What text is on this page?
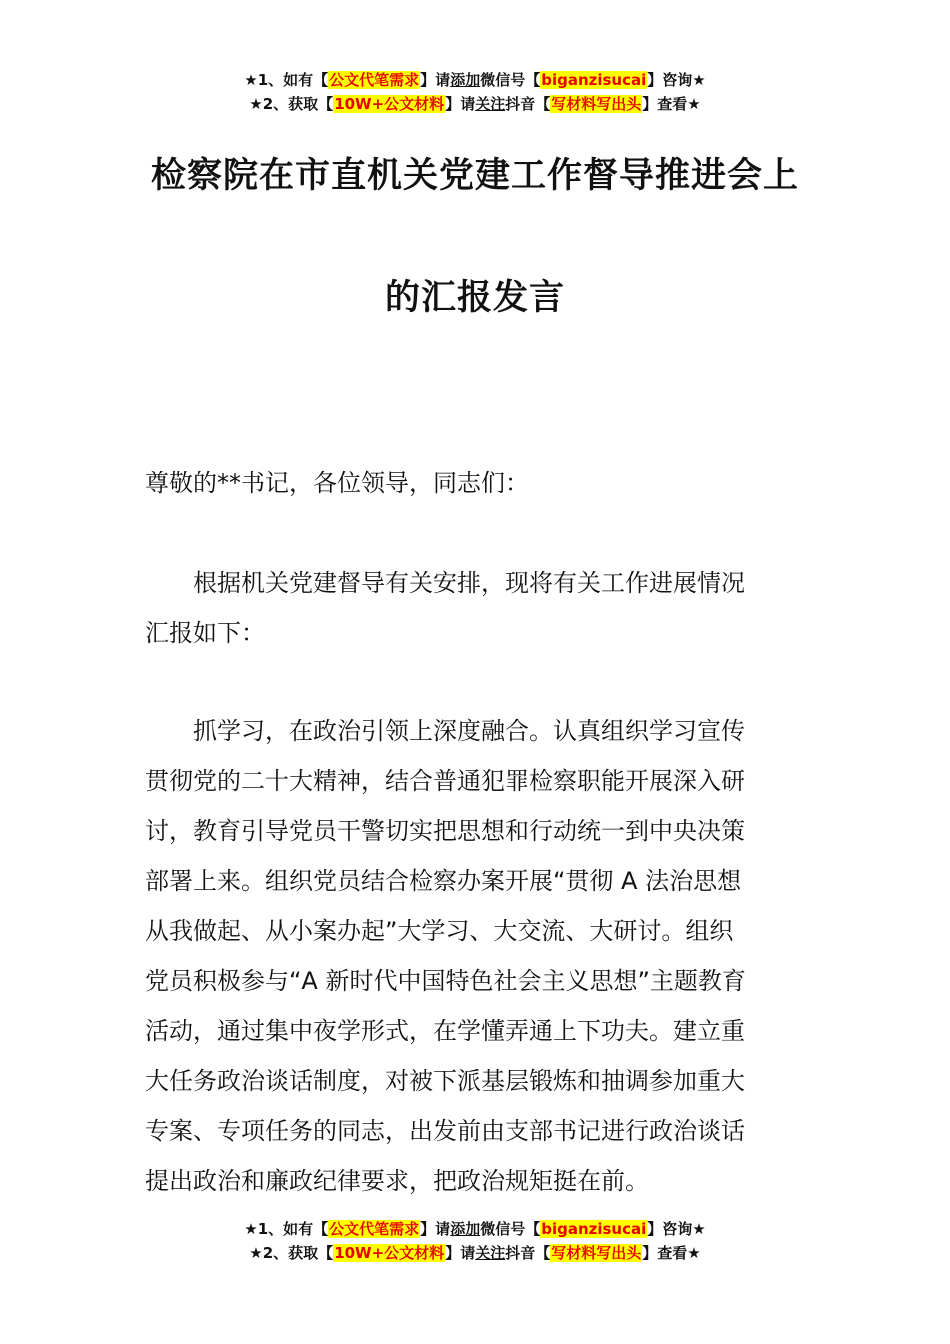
★1、如有【公文代笔需求】请添加微信号【biganzisucai】咨询★
★2、获取【10W+公文材料】请关注抖音【写材料写出头】查看★
检察院在市直机关党建工作督导推进会上
的汇报发言
尊敬的**书记，各位领导，同志们：
根据机关党建督导有关安排，现将有关工作进展情况
汇报如下：
抓学习，在政治引领上深度融合。认真组织学习宣传
贯彻党的二十大精神，结合普通犯罪检察职能开展深入研
讨，教育引导党员干警切实把思想和行动统一到中央决策
部署上来。组织党员结合检察办案开展“贯彻 A 法治思想
从我做起、从小案办起”大学习、大交流、大研讨。组织
党员积极参与“A 新时代中国特色社会主义思想”主题教育
活动，通过集中夜学形式，在学懂弄通上下功夫。建立重
大任务政治谈话制度，对被下派基层锻炼和抽调参加重大
专案、专项任务的同志，出发前由支部书记进行政治谈话
提出政治和廉政纪律要求，把政治规矩挺在前。
★1、如有【公文代笔需求】请添加微信号【biganzisucai】咨询★
★2、获取【10W+公文材料】请关注抖音【写材料写出头】查看★
